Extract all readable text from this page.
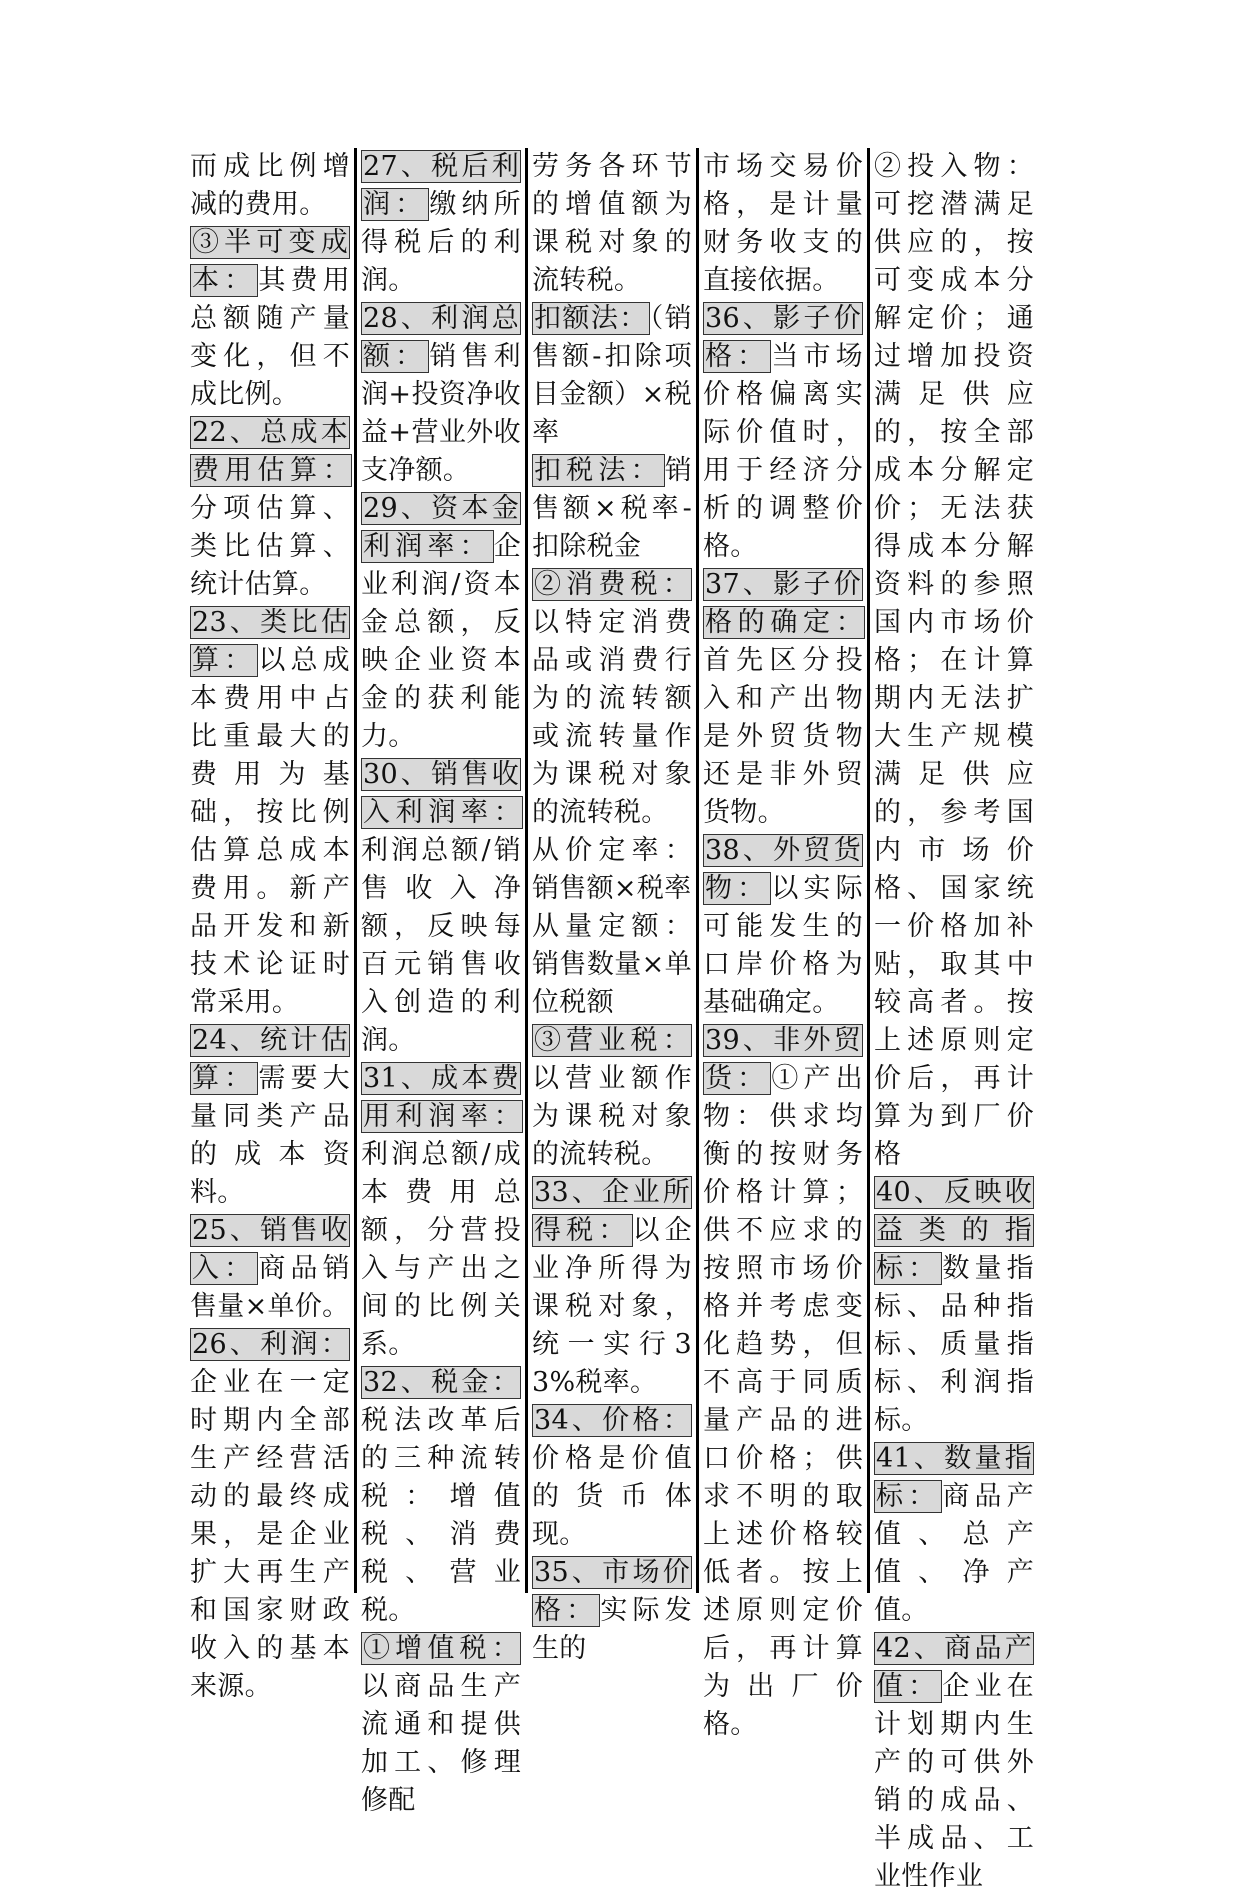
而成比例增减的费用。

③半可变成本：其费用总额随产量变化，但不成比例。

22、总成本费用估算：分项估算、类比估算、统计估算。

23、类比估算：以总成本费用中占比重最大的费用为基础，按比例估算总成本费用。新产品开发和新技术论证时常采用。

24、统计估算：需要大量同类产品的成本资料。

25、销售收入：商品销售量×单价。

26、利润：企业在一定时期内全部生产经营活动的最终成果，是企业扩大再生产和国家财政收入的基本来源。

27、税后利润：缴纳所得税后的利润。

28、利润总额：销售利润+投资净收益+营业外收支净额。

29、资本金利润率：企业利润/资本金总额，反映企业资本金的获利能力。

30、销售收入利润率：利润总额/销售收入净额，反映每百元销售收入创造的利润。

31、成本费用利润率：利润总额/成本费用总额，分营投入与产出之间的比例关系。

32、税金：税法改革后的三种流转税：增值税、消费税、营业税。

①增值税：以商品生产流通和提供加工、修理修配

劳务各环节的增值额为课税对象的流转税。

扣额法：（销售额-扣除项目金额）×税率

扣税法：销售额×税率-扣除税金

②消费税：以特定消费品或消费行为的流转额或流转量作为课税对象的流转税。

从价定率：销售额×税率

从量定额：销售数量×单位税额

③营业税：以营业额作为课税对象的流转税。

33、企业所得税：以企业净所得为课税对象，统一实行33%税率。

34、价格：价格是价值的货币体现。

35、市场价格：实际发生的

市场交易价格，是计量财务收支的直接依据。

36、影子价格：当市场价格偏离实际价值时，用于经济分析的调整价格。

37、影子价格的确定：首先区分投入和产出物是外贸货物还是非外贸货物。

38、外贸货物：以实际可能发生的口岸价格为基础确定。

39、非外贸货：①产出物：供求均衡的按财务价格计算；供不应求的按照市场价格并考虑变化趋势，但不高于同质量产品的进口价格；供求不明的取上述价格较低者。按上述原则定价后，再计算为出厂价格。

②投入物：可挖潜满足供应的，按可变成本分解定价；通过增加投资满足供应的，按全部成本分解定价；无法获得成本分解资料的参照国内市场价格；在计算期内无法扩大生产规模满足供应的，参考国内市场价格、国家统一价格加补贴，取其中较高者。按上述原则定价后，再计算为到厂价格

40、反映收益类的指标：数量指标、品种指标、质量指标、利润指标。

41、数量指标：商品产值、总产值、净产值。

42、商品产值：企业在计划期内生产的可供外销的成品、半成品、工业性作业
